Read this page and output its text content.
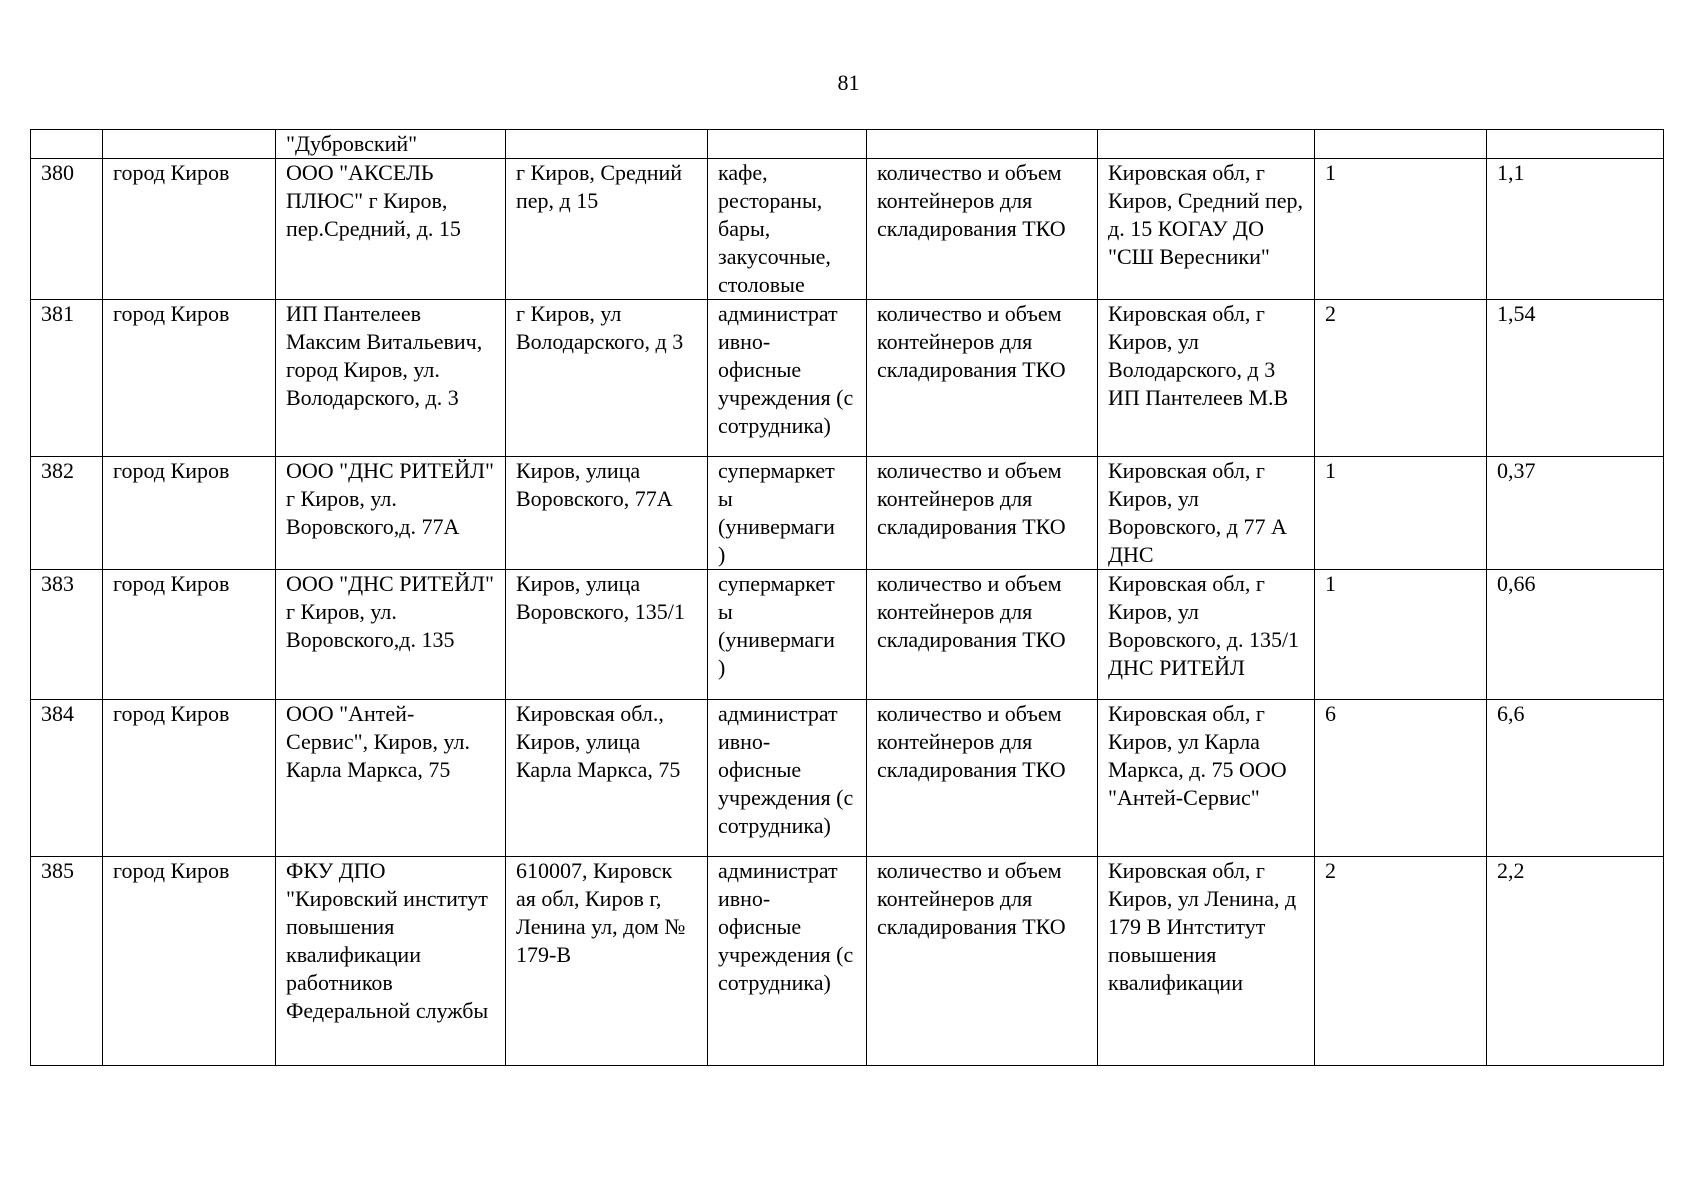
81
		"Дубровский"						
380	город Киров	ООО "АКСЕЛЬ ПЛЮС" г Киров, пер.Средний, д. 15	г Киров, Средний пер, д 15	кафе, рестораны, бары, закусочные, столовые	количество и объем контейнеров для складирования ТКО	Кировская обл, г Киров, Средний пер, д. 15 КОГАУ ДО "СШ Вересники"	1	1,1
381	город Киров	ИП Пантелеев Максим Витальевич, город Киров, ул. Володарского, д. 3	г Киров, ул Володарского, д 3	администрат
ивно-
офисные учреждения (с сотрудника)	количество и объем контейнеров для складирования ТКО	Кировская обл, г Киров, ул Володарского, д 3 ИП Пантелеев М.В	2	1,54
382	город Киров	ООО "ДНС РИТЕЙЛ" г Киров, ул. Воровского,д. 77А	Киров, улица Воровского, 77А	супермаркет
ы
(универмаги
)	количество и объем контейнеров для складирования ТКО	Кировская обл, г Киров, ул Воровского, д 77 А ДНС	1	0,37
383	город Киров	ООО "ДНС РИТЕЙЛ" г Киров, ул. Воровского,д. 135	Киров, улица Воровского, 135/1	супермаркет
ы
(универмаги
)	количество и объем контейнеров для складирования ТКО	Кировская обл, г Киров, ул Воровского, д. 135/1 ДНС РИТЕЙЛ	1	0,66
384	город Киров	ООО "Антей-Сервис", Киров, ул. Карла Маркса, 75	Кировская обл., Киров, улица Карла Маркса, 75	администрат
ивно-
офисные учреждения (с сотрудника)	количество и объем контейнеров для складирования ТКО	Кировская обл, г Киров, ул Карла Маркса, д. 75 ООО "Антей-Сервис"	6	6,6
385	город Киров	ФКУ ДПО "Кировский институт повышения квалификации работников Федеральной службы	610007, Кировск
ая обл, Киров г, Ленина ул, дом № 179-В	администрат
ивно-
офисные учреждения (с сотрудника)	количество и объем контейнеров для складирования ТКО	Кировская обл, г Киров, ул Ленина, д 179 В Интститут повышения квалификации	2	2,2
